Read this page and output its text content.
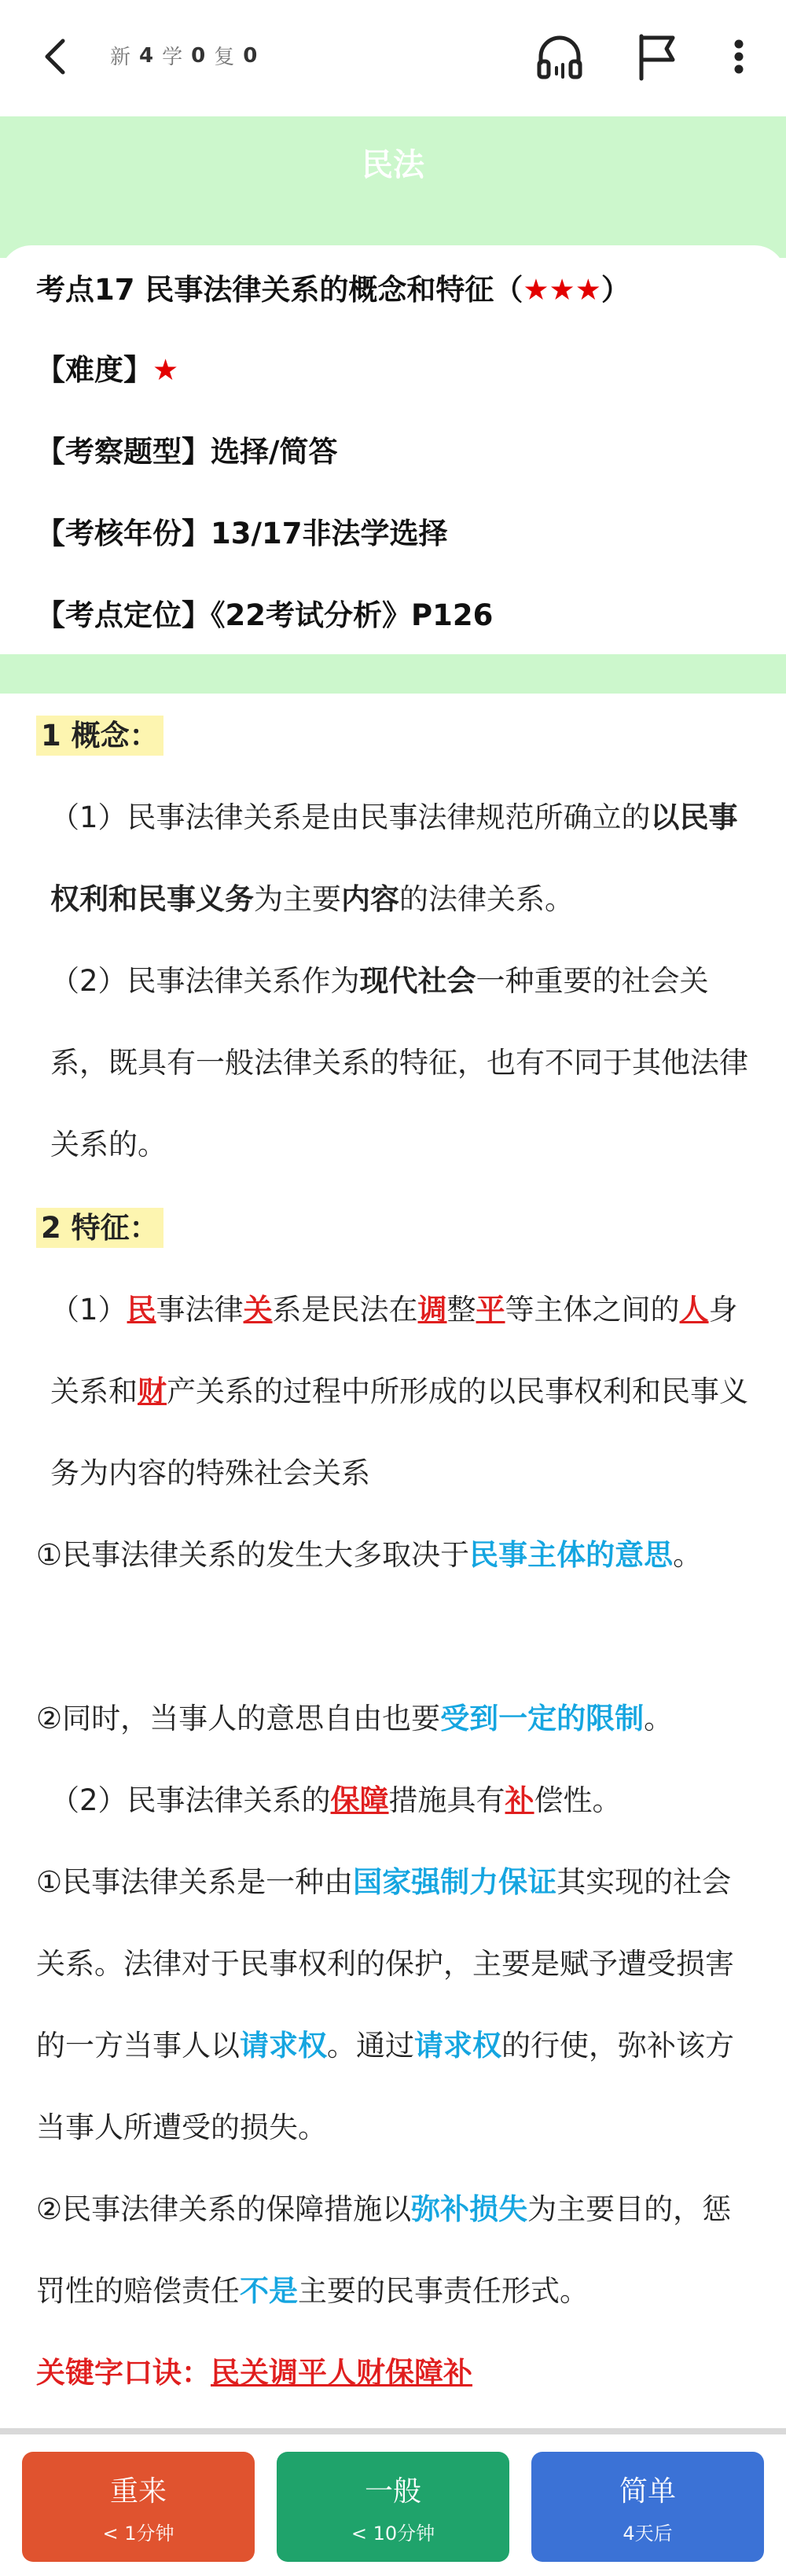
新 4 学 0 复 0
民法
考点17 民事法律关系的概念和特征（★★★）
【难度】★
【考察题型】选择/简答
【考核年份】13/17非法学选择
【考点定位】《22考试分析》P126
1 概念：
（1）民事法律关系是由民事法律规范所确立的以民事权利和民事义务为主要内容的法律关系。
（2）民事法律关系作为现代社会一种重要的社会关系，既具有一般法律关系的特征，也有不同于其他法律关系的。
2 特征：
（1）民事法律关系是民法在调整平等主体之间的人身关系和财产关系的过程中所形成的以民事权利和民事义务为内容的特殊社会关系
①民事法律关系的发生大多取决于民事主体的意思。
②同时，当事人的意思自由也要受到一定的限制。
（2）民事法律关系的保障措施具有补偿性。
①民事法律关系是一种由国家强制力保证其实现的社会关系。法律对于民事权利的保护，主要是赋予遭受损害的一方当事人以请求权。通过请求权的行使，弥补该方当事人所遭受的损失。
②民事法律关系的保障措施以弥补损失为主要目的，惩罚性的赔偿责任不是主要的民事责任形式。
关键字口诀：民关调平人财保障补
重来
< 1分钟
一般
< 10分钟
简单
4天后
